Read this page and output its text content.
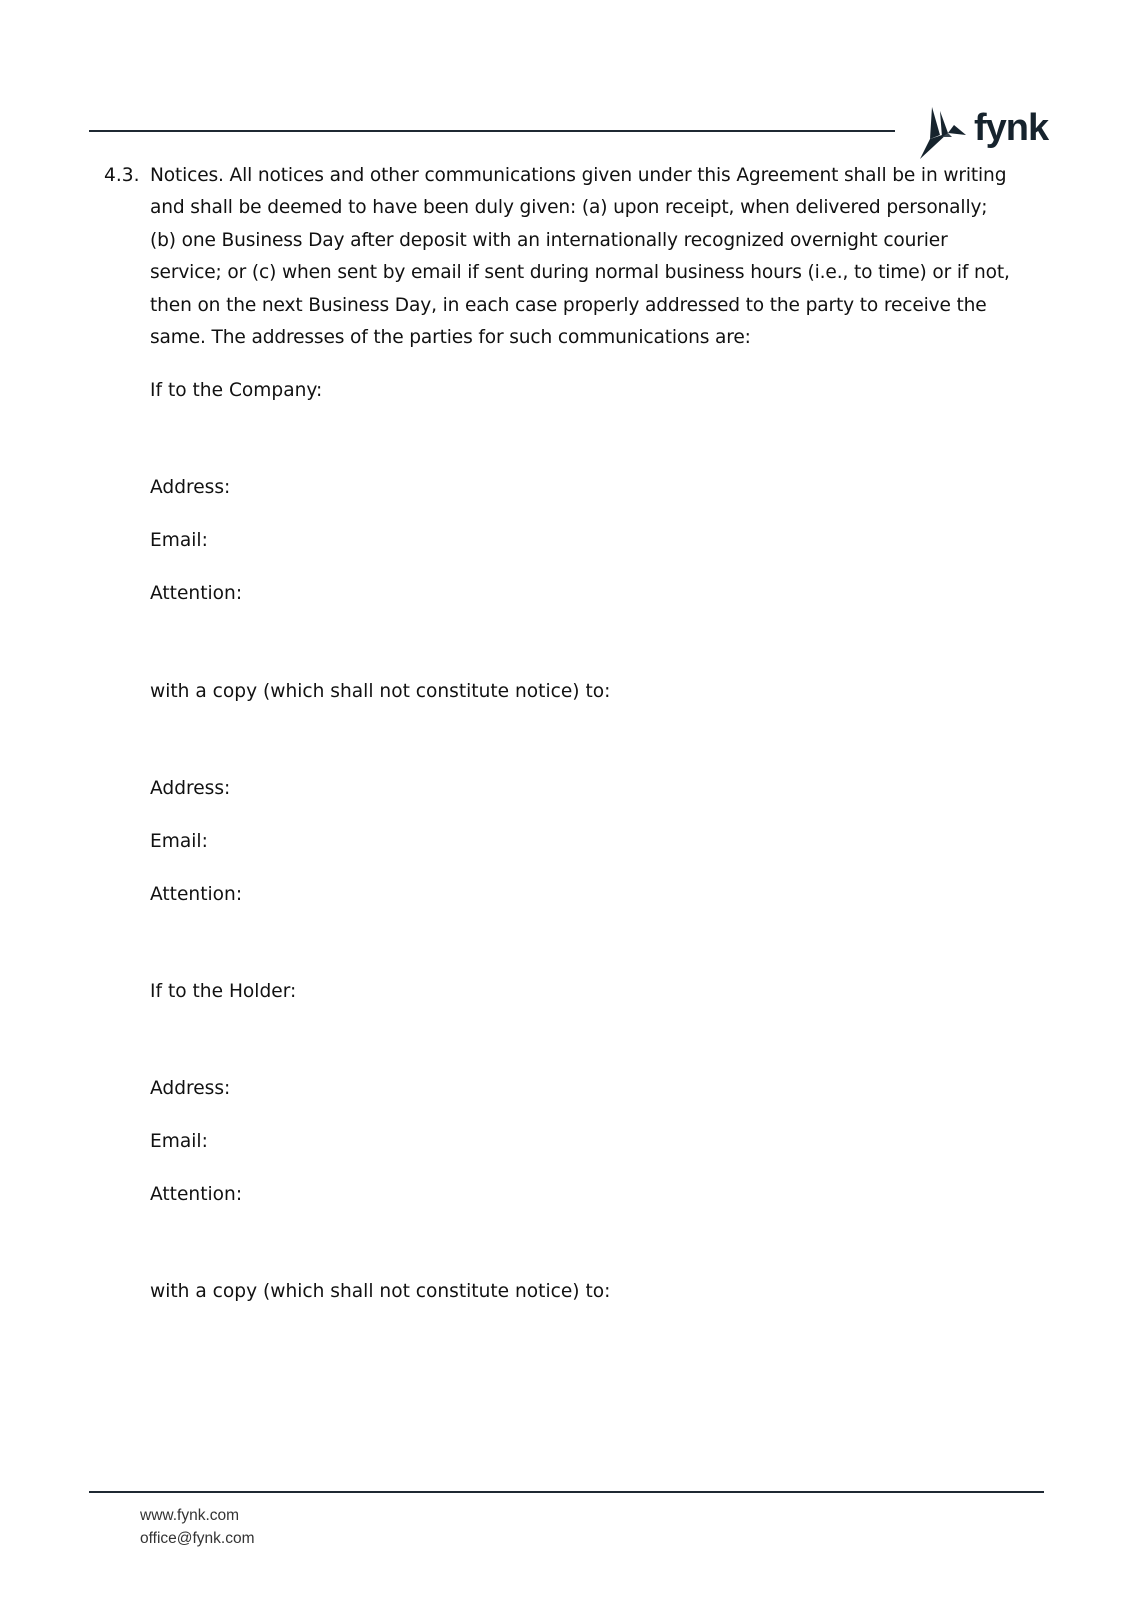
fynk
4.3. Notices. All notices and other communications given under this Agreement shall be in writing
and shall be deemed to have been duly given: (a) upon receipt, when delivered personally;
(b) one Business Day after deposit with an internationally recognized overnight courier
service; or (c) when sent by email if sent during normal business hours (i.e., to time) or if not,
then on the next Business Day, in each case properly addressed to the party to receive the
same. The addresses of the parties for such communications are:
If to the Company:
Address:
Email:
Attention:
with a copy (which shall not constitute notice) to:
Address:
Email:
Attention:
If to the Holder:
Address:
Email:
Attention:
with a copy (which shall not constitute notice) to:
www.fynk.com
office@fynk.com
